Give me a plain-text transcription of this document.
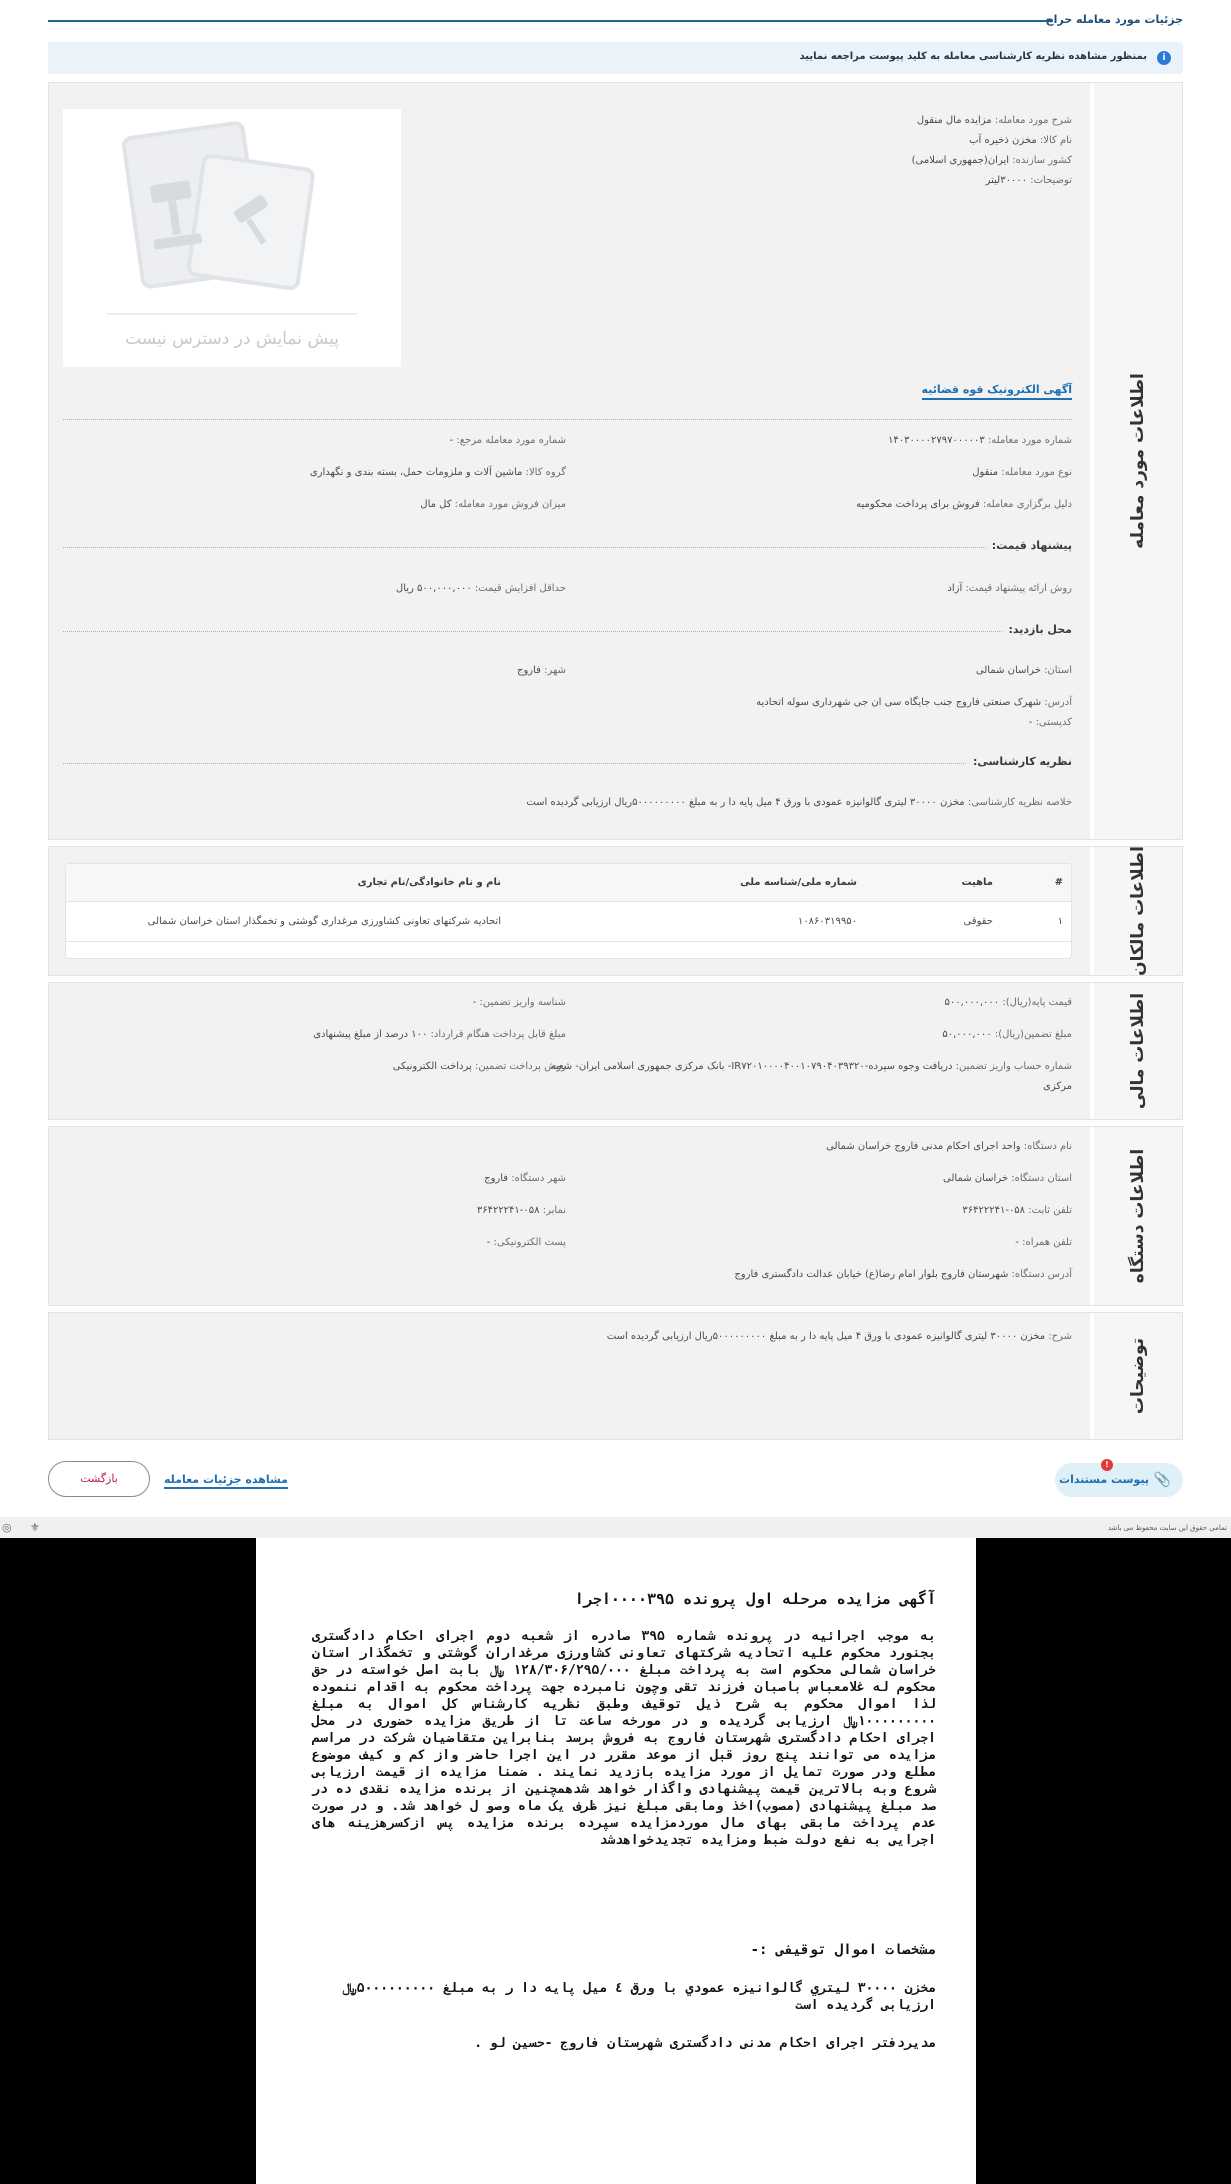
جزئیات مورد معامله حراج
i
بمنظور مشاهده نظریه کارشناسی معامله به کلید پیوست مراجعه نمایید
اطلاعات مورد معامله
شرح مورد معامله: مزایده مال منقول
نام کالا: مخزن ذخیره آب
کشور سازنده: ایران(جمهوری اسلامی)
توضیحات: ۳۰۰۰۰لیتر
پیش نمایش در دسترس نیست
آگهی الکترونیک قوه قضائیه
شماره مورد معامله: ۱۴۰۳۰۰۰۰۲۷۹۷۰۰۰۰۰۳
شماره مورد معامله مرجع: -
نوع مورد معامله: منقول
گروه کالا: ماشین آلات و ملزومات حمل، بسته بندی و نگهداری
دلیل برگزاری معامله: فروش برای پرداخت محکومیه
میزان فروش مورد معامله: کل مال
پیشنهاد قیمت:
روش ارائه پیشنهاد قیمت: آزاد
حداقل افزایش قیمت: ۵۰۰,۰۰۰,۰۰۰ ریال
محل بازدید:
استان: خراسان شمالی
شهر: فاروج
آدرس: شهرک صنعتی فاروج جنب جایگاه سی ان جی شهرداری سوله اتحادیه
کدپستی: -
نظریه کارشناسی:
خلاصه نظریه کارشناسی: مخزن ۳۰۰۰۰ لیتری گالوانیزه عمودی با ورق ۴ میل پایه دا ر به مبلغ ۵۰۰۰۰۰۰۰۰۰ریال ارزیابی گردیده است
اطلاعات مالکان
#
ماهیت
شماره ملی/شناسه ملی
نام و نام خانوادگی/نام تجاری
۱
حقوقی
۱۰۸۶۰۳۱۹۹۵۰
اتحادیه شرکتهای تعاونی کشاورزی مرغداری گوشتی و تخمگذار استان خراسان شمالی
اطلاعات مالی
قیمت پایه(ریال): ۵۰۰,۰۰۰,۰۰۰
شناسه واریز تضمین: -
مبلغ تضمین(ریال): ۵۰,۰۰۰,۰۰۰
مبلغ قابل پرداخت هنگام قرارداد: ۱۰۰ درصد از مبلغ پیشنهادی
شماره حساب واریز تضمین: دریافت وجوه سپرده-IR۷۲۰۱۰۰۰۰۴۰۰۱۰۷۹۰۴۰۳۹۳۲۰- بانک مرکزی جمهوری اسلامی ایران- شعبه
مرکزی
روش پرداخت تضمین: پرداخت الکترونیکی
اطلاعات دستگاه
نام دستگاه: واحد اجرای احکام مدنی فاروج خراسان شمالی
استان دستگاه: خراسان شمالی
شهر دستگاه: فاروج
تلفن ثابت: ۰۵۸-۳۶۴۲۲۲۴۱
نمابر: ۰۵۸-۳۶۴۲۲۲۴۱
تلفن همراه: -
پست الکترونیکی: -
آدرس دستگاه: شهرستان فاروج بلوار امام رضا(ع) خیابان عدالت دادگستری فاروج
توضیحات
شرح: مخزن ۳۰۰۰۰ لیتری گالوانیزه عمودی با ورق ۴ میل پایه دا ر به مبلغ ۵۰۰۰۰۰۰۰۰۰ریال ارزیابی گردیده است
📎
پیوست مستندات
!
مشاهده جزئیات معامله
بازگشت
تمامی حقوق این سایت محفوظ می باشد
⚜
◎
آگهی مزایده مرحله اول پرونده ۰۰۰۰۳۹۵اجرا
به موجب اجرائیه در پرونده شماره ۳۹۵ صادره از شعبه دوم اجرای احکام دادگستری بجنورد محکوم علیه اتحادیه شرکتهای تعاونی کشاورزی مرغداران گوشتی و تخمگذار استان خراسان شمالی محکوم است به پرداخت مبلغ ۱۲۸/۳۰۶/۲۹۵/۰۰۰ ﷼ بابت اصل خواسته در حق محکوم له غلامعباس باصبان فرزند تقی وچون نامبرده جهت پرداخت محکوم به اقدام ننموده لذا اموال محکوم به شرح ذیل توقیف وطبق نظریه کارشناس کل اموال به مبلغ ۱۰۰۰۰۰۰۰۰۰﷼ ارزیابی گردیده و در مورخه ساعت تا از طریق مزایده حضوری در محل اجرای احکام دادگستری شهرستان فاروج به فروش برسد بنابراین متقاضیان شرکت در مراسم مزایده می توانند پنج روز قبل از موعد مقرر در این اجرا حاضر واز کم و کیف موضوع مطلع ودر صورت تمایل از مورد مزایده بازدید نمایند . ضمنا مزایده از قیمت ارزیابی شروع وبه بالاترین قیمت پیشنهادی واگذار خواهد شدهمچنین از برنده مزایده نقدی ده در صد مبلغ پیشنهادی (مصوب)اخذ ومابقی مبلغ نیز ظرف یک ماه وصو ل خواهد شد. و در صورت عدم پرداخت مابقی بهای مال موردمزایده سپرده برنده مزایده پس ازکسرهزینه های اجرایی به نفع دولت ضبط ومزایده تجدیدخواهدشد
مشخصات اموال توقیفی :-
مخزن ۳۰۰۰۰ لیتري گالوانیزه عمودي با ورق ٤ میل پایه دا ر به مبلغ ۵۰۰۰۰۰۰۰۰۰﷼ ارزیابی گردیده است
مدیردفتر اجرای احکام مدنی دادگستری شهرستان فاروج -حسین لو .
